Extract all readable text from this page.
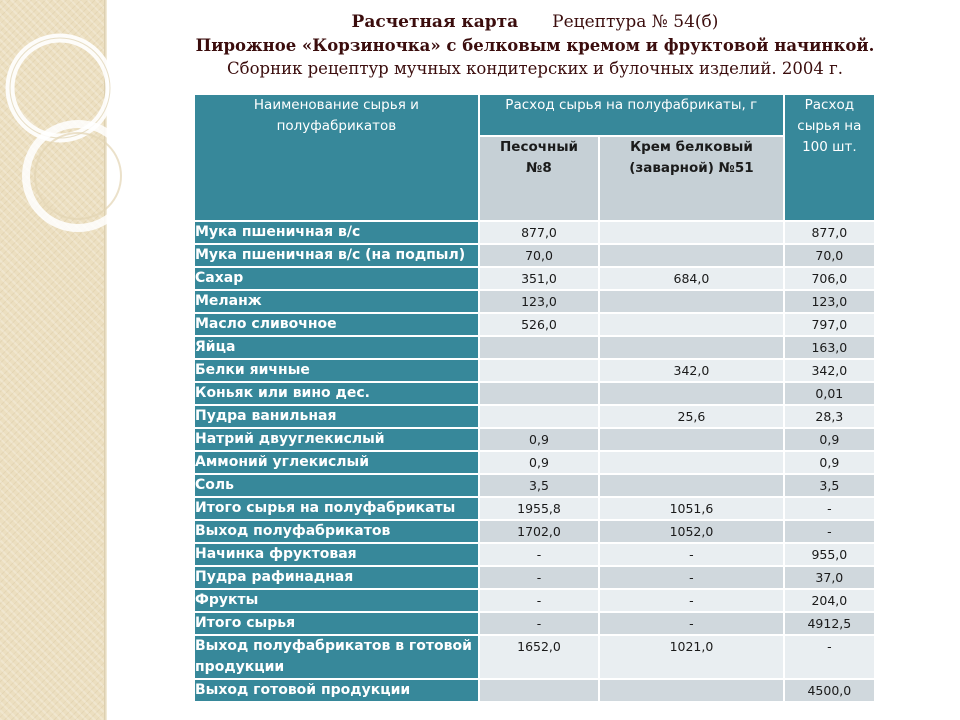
Расчетная карта Рецептура № 54(б)
Пирожное «Корзиночка» с белковым кремом и фруктовой начинкой.
Сборник рецептур мучных кондитерских и булочных изделий. 2004 г.
Наименование сырья и полуфабрикатов	Расход сырья на полуфабрикаты, г		Расход сырья на 100 шт.
	Песочный №8	Крем белковый (заварной) №51	
Мука пшеничная в/с	877,0		877,0
Мука пшеничная в/с (на подпыл)	70,0		70,0
Сахар	351,0	684,0	706,0
Меланж	123,0		123,0
Масло сливочное	526,0		797,0
Яйца			163,0
Белки яичные		342,0	342,0
Коньяк или вино дес.			0,01
Пудра ванильная		25,6	28,3
Натрий двууглекислый	0,9		0,9
Аммоний углекислый	0,9		0,9
Соль	3,5		3,5
Итого сырья на полуфабрикаты	1955,8	1051,6	-
Выход полуфабрикатов	1702,0	1052,0	-
Начинка фруктовая	-	-	955,0
Пудра рафинадная	-	-	37,0
Фрукты	-	-	204,0
Итого сырья	-	-	4912,5
Выход полуфабрикатов в готовой продукции	1652,0	1021,0	-
Выход готовой продукции			4500,0
